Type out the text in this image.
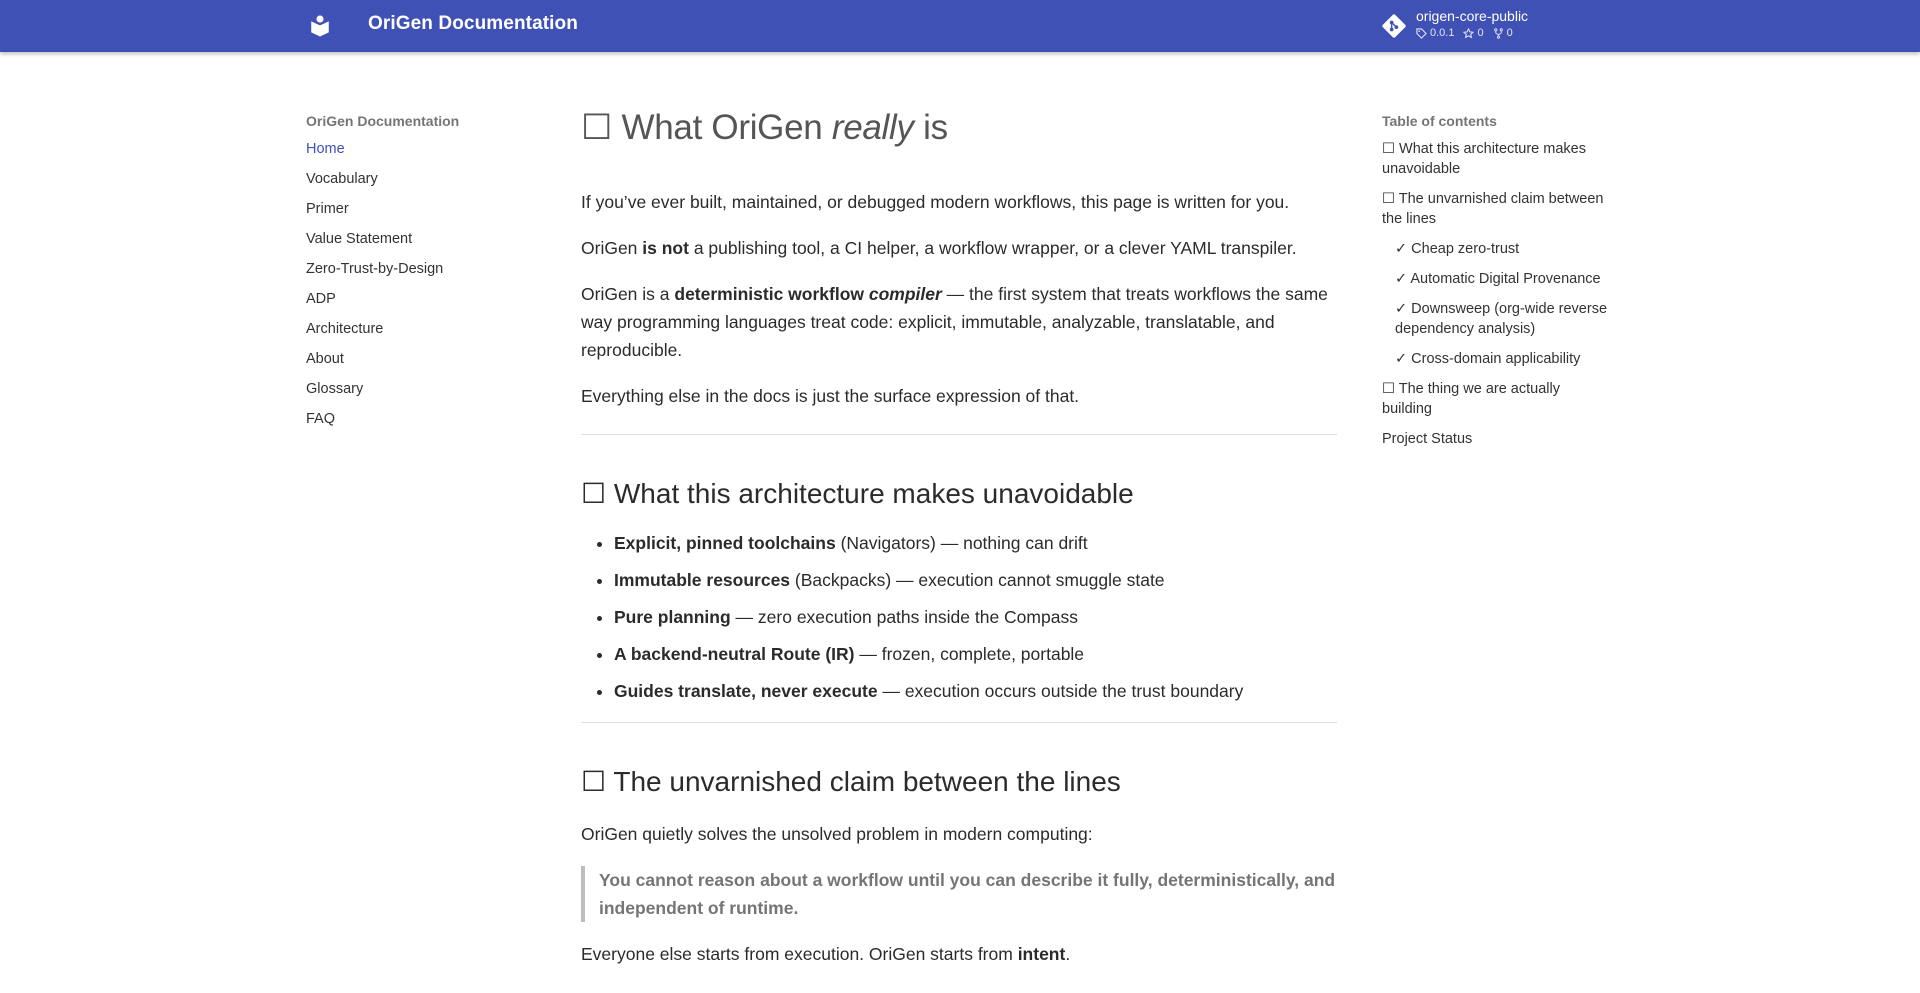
OriGen Documentation	origen-core-public
0.0.1 0 0
OriGen Documentation
Home
Vocabulary
Primer
Value Statement
Zero-Trust-by-Design
ADP
Architecture
About
Glossary
FAQ
Table of contents
☐ What this architecture makes unavoidable
☐ The unvarnished claim between the lines
✓ Cheap zero-trust
✓ Automatic Digital Provenance
✓ Downsweep (org-wide reverse dependency analysis)
✓ Cross-domain applicability
☐ The thing we are actually building
Project Status
☐ What OriGen really is

If you’ve ever built, maintained, or debugged modern workflows, this page is written for you.

OriGen is not a publishing tool, a CI helper, a workflow wrapper, or a clever YAML transpiler.

OriGen is a deterministic workflow compiler — the first system that treats workflows the same way programming languages treat code: explicit, immutable, analyzable, translatable, and reproducible.

Everything else in the docs is just the surface expression of that.

☐ What this architecture makes unavoidable
• Explicit, pinned toolchains (Navigators) — nothing can drift
• Immutable resources (Backpacks) — execution cannot smuggle state
• Pure planning — zero execution paths inside the Compass
• A backend-neutral Route (IR) — frozen, complete, portable
• Guides translate, never execute — execution occurs outside the trust boundary
☐ The unvarnished claim between the lines

OriGen quietly solves the unsolved problem in modern computing:

You cannot reason about a workflow until you can describe it fully, deterministically, and independent of runtime.

Everyone else starts from execution. OriGen starts from intent.
